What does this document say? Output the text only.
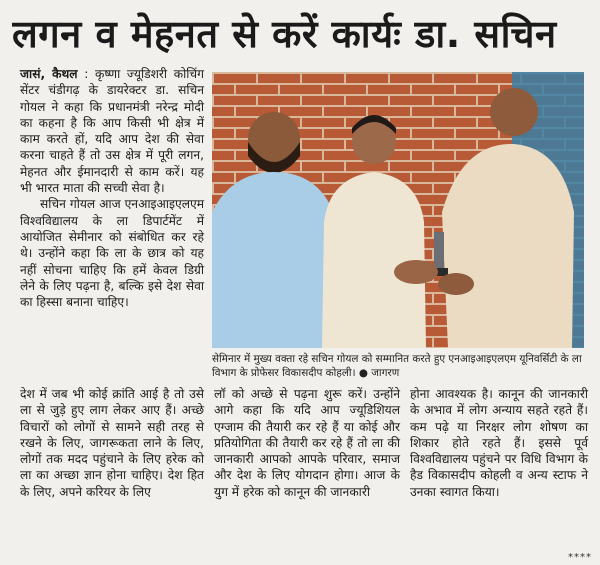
लगन व मेहनत से करें कार्यः डा. सचिन

जासं, कैथल : कृष्णा ज्यूडिशरी कोचिंग सेंटर चंडीगढ़ के डायरेक्टर डा. सचिन गोयल ने कहा कि प्रधानमंत्री नरेन्द्र मोदी का कहना है कि आप किसी भी क्षेत्र में काम करते हों, यदि आप देश की सेवा करना चाहते हैं तो उस क्षेत्र में पूरी लगन, मेहनत और ईमानदारी से काम करें। यह भी भारत माता की सच्ची सेवा है।

सचिन गोयल आज एनआइआइएलएम विश्वविद्यालय के ला डिपार्टमेंट में आयोजित सेमीनार को संबोधित कर रहे थे। उन्होंने कहा कि ला के छात्र को यह नहीं सोचना चाहिए कि हमें केवल डिग्री लेने के लिए पढ़ना है, बल्कि इसे देश सेवा का हिस्सा बनाना चाहिए।

सेमिनार में मुख्य वक्ता रहे सचिन गोयल को सम्मानित करते हुए एनआइआइएलएम यूनिवर्सिटी के ला विभाग के प्रोफेसर विकासदीप कोहली। ● जागरण

देश में जब भी कोई क्रांति आई है तो उसे ला से जुड़े हुए लाग लेकर आए हैं। अच्छे विचारों को लोगों से सामने सही तरह से रखने के लिए, जागरूकता लाने के लिए, लोगों तक मदद पहुंचाने के लिए हरेक को ला का अच्छा ज्ञान होना चाहिए। देश हित के लिए, अपने करियर के लिए

लॉ को अच्छे से पढ़ना शुरू करें। उन्होंने आगे कहा कि यदि आप ज्यूडिशियल एग्जाम की तैयारी कर रहे हैं या कोई और प्रतियोगिता की तैयारी कर रहे हैं तो ला की जानकारी आपको आपके परिवार, समाज और देश के लिए योगदान होगा। आज के युग में हरेक को कानून की जानकारी

होना आवश्यक है। कानून की जानकारी के अभाव में लोग अन्याय सहते रहते हैं। कम पढ़े या निरक्षर लोग शोषण का शिकार होते रहते हैं। इससे पूर्व विश्वविद्यालय पहुंचने पर विधि विभाग के हैड विकासदीप कोहली व अन्य स्टाफ ने उनका स्वागत किया।

****
